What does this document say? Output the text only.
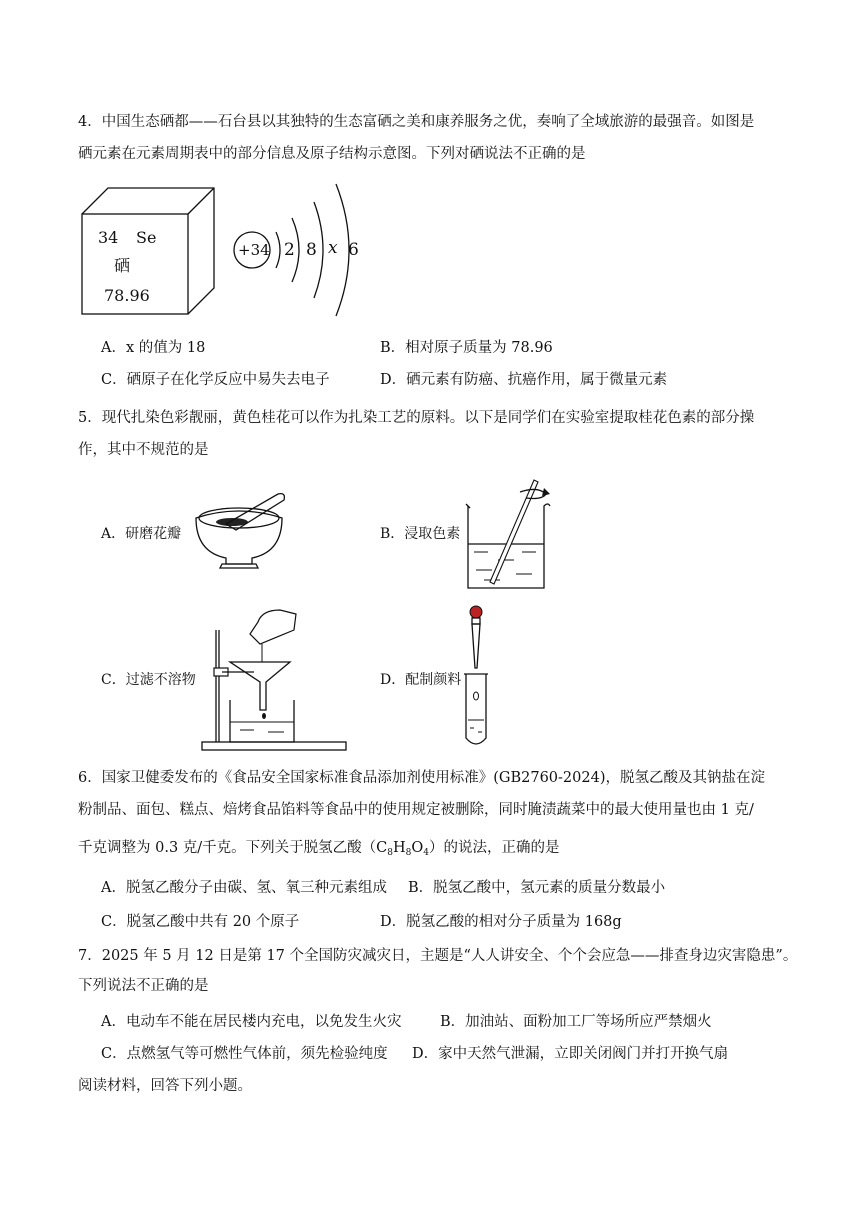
4．中国生态硒都——石台县以其独特的生态富硒之美和康养服务之优，奏响了全域旅游的最强音。如图是
硒元素在元素周期表中的部分信息及原子结构示意图。下列对硒说法不正确的是
34 Se
硒
78.96
+34 2 8 x 6
A．x 的值为 18	B．相对原子质量为 78.96
C．硒原子在化学反应中易失去电子	D．硒元素有防癌、抗癌作用，属于微量元素
5．现代扎染色彩靓丽，黄色桂花可以作为扎染工艺的原料。以下是同学们在实验室提取桂花色素的部分操
作，其中不规范的是
A．研磨花瓣	B．浸取色素
C．过滤不溶物	D．配制颜料
6．国家卫健委发布的《食品安全国家标准食品添加剂使用标准》(GB2760-2024)，脱氢乙酸及其钠盐在淀
粉制品、面包、糕点、焙烤食品馅料等食品中的使用规定被删除，同时腌渍蔬菜中的最大使用量也由 1 克/
千克调整为 0.3 克/千克。下列关于脱氢乙酸$(C_8H_8O_4)$的说法，正确的是
A．脱氢乙酸分子由碳、氢、氧三种元素组成 B．脱氢乙酸中，氢元素的质量分数最小
C．脱氢乙酸中共有 20 个原子	D．脱氢乙酸的相对分子质量为 168g
7．2025 年 5 月 12 日是第 17 个全国防灾减灾日，主题是“人人讲安全、个个会应急——排查身边灾害隐患”。
下列说法不正确的是
A．电动车不能在居民楼内充电，以免发生火灾	B．加油站、面粉加工厂等场所应严禁烟火
C．点燃氢气等可燃性气体前，须先检验纯度 D．家中天然气泄漏，立即关闭阀门并打开换气扇
阅读材料，回答下列小题。
